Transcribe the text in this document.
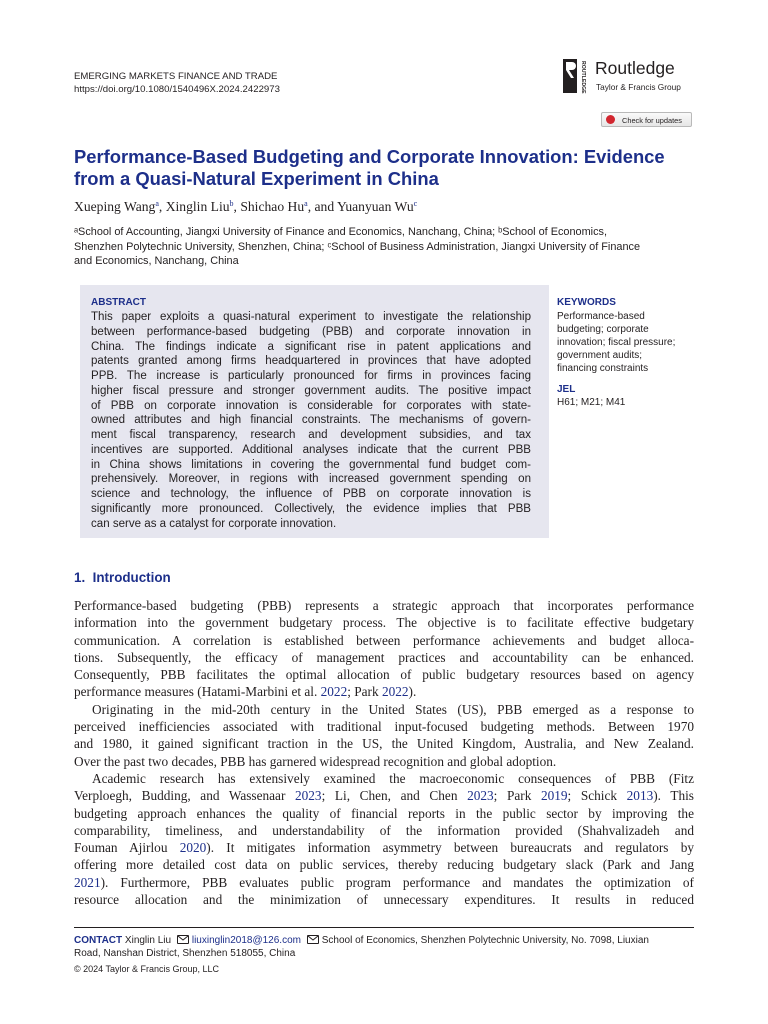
EMERGING MARKETS FINANCE AND TRADE
https://doi.org/10.1080/1540496X.2024.2422973	ROUTLEDGE Routledge
Taylor & Francis Group
Check for updates
Performance-Based Budgeting and Corporate Innovation: Evidence
from a Quasi-Natural Experiment in China
Xueping Wang$^a$, Xinglin Liu$^b$, Shichao Hu$^a$, and Yuanyuan Wu$^c$
ᵃSchool of Accounting, Jiangxi University of Finance and Economics, Nanchang, China; ᵇSchool of Economics,
Shenzhen Polytechnic University, Shenzhen, China; ᶜSchool of Business Administration, Jiangxi University of Finance
and Economics, Nanchang, China
ABSTRACT
This paper exploits a quasi-natural experiment to investigate the relationship
between performance-based budgeting (PBB) and corporate innovation in
China. The findings indicate a significant rise in patent applications and
patents granted among firms headquartered in provinces that have adopted
PPB. The increase is particularly pronounced for firms in provinces facing
higher fiscal pressure and stronger government audits. The positive impact
of PBB on corporate innovation is considerable for corporates with state-
owned attributes and high financial constraints. The mechanisms of govern-
ment fiscal transparency, research and development subsidies, and tax
incentives are supported. Additional analyses indicate that the current PBB
in China shows limitations in covering the governmental fund budget com-
prehensively. Moreover, in regions with increased government spending on
science and technology, the influence of PBB on corporate innovation is
significantly more pronounced. Collectively, the evidence implies that PBB
can serve as a catalyst for corporate innovation.
KEYWORDS
Performance-based
budgeting; corporate
innovation; fiscal pressure;
government audits;
financing constraints
JEL
H61; M21; M41
1. Introduction
Performance-based budgeting (PBB) represents a strategic approach that incorporates performance
information into the government budgetary process. The objective is to facilitate effective budgetary
communication. A correlation is established between performance achievements and budget alloca-
tions. Subsequently, the efficacy of management practices and accountability can be enhanced.
Consequently, PBB facilitates the optimal allocation of public budgetary resources based on agency
performance measures (Hatami-Marbini et al. 2022; Park 2022).
Originating in the mid-20th century in the United States (US), PBB emerged as a response to
perceived inefficiencies associated with traditional input-focused budgeting methods. Between 1970
and 1980, it gained significant traction in the US, the United Kingdom, Australia, and New Zealand.
Over the past two decades, PBB has garnered widespread recognition and global adoption.
Academic research has extensively examined the macroeconomic consequences of PBB (Fitz
Verploegh, Budding, and Wassenaar 2023; Li, Chen, and Chen 2023; Park 2019; Schick 2013). This
budgeting approach enhances the quality of financial reports in the public sector by improving the
comparability, timeliness, and understandability of the information provided (Shahvalizadeh and
Fouman Ajirlou 2020). It mitigates information asymmetry between bureaucrats and regulators by
offering more detailed cost data on public services, thereby reducing budgetary slack (Park and Jang
2021). Furthermore, PBB evaluates public program performance and mandates the optimization of
resource allocation and the minimization of unnecessary expenditures. It results in reduced
CONTACT Xinglin Liu liuxinglin2018@126.com School of Economics, Shenzhen Polytechnic University, No. 7098, Liuxian
Road, Nanshan District, Shenzhen 518055, China
© 2024 Taylor & Francis Group, LLC
